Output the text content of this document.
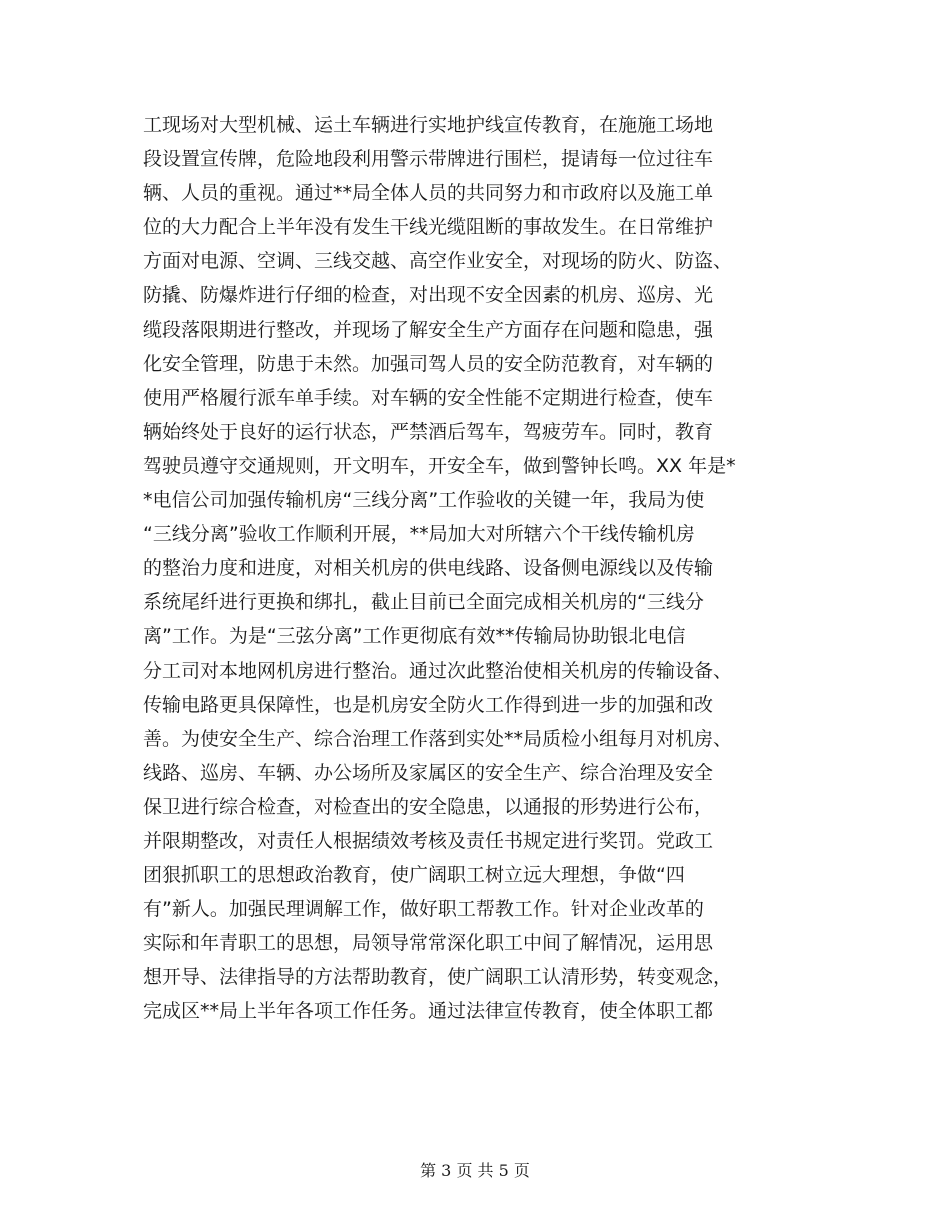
工现场对大型机械、运土车辆进行实地护线宣传教育，在施施工场地
段设置宣传牌，危险地段利用警示带牌进行围栏，提请每一位过往车
辆、人员的重视。通过**局全体人员的共同努力和市政府以及施工单
位的大力配合上半年没有发生干线光缆阻断的事故发生。在日常维护
方面对电源、空调、三线交越、高空作业安全，对现场的防火、防盗、
防撬、防爆炸进行仔细的检查，对出现不安全因素的机房、巡房、光
缆段落限期进行整改，并现场了解安全生产方面存在问题和隐患，强
化安全管理，防患于未然。加强司驾人员的安全防范教育，对车辆的
使用严格履行派车单手续。对车辆的安全性能不定期进行检查，使车
辆始终处于良好的运行状态，严禁酒后驾车，驾疲劳车。同时，教育
驾驶员遵守交通规则，开文明车，开安全车，做到警钟长鸣。XX 年是*
*电信公司加强传输机房“三线分离”工作验收的关键一年，我局为使
“三线分离”验收工作顺利开展，**局加大对所辖六个干线传输机房
的整治力度和进度，对相关机房的供电线路、设备侧电源线以及传输
系统尾纤进行更换和绑扎，截止目前已全面完成相关机房的“三线分
离”工作。为是“三弦分离”工作更彻底有效**传输局协助银北电信
分工司对本地网机房进行整治。通过次此整治使相关机房的传输设备、
传输电路更具保障性，也是机房安全防火工作得到进一步的加强和改
善。为使安全生产、综合治理工作落到实处**局质检小组每月对机房、
线路、巡房、车辆、办公场所及家属区的安全生产、综合治理及安全
保卫进行综合检查，对检查出的安全隐患，以通报的形势进行公布，
并限期整改，对责任人根据绩效考核及责任书规定进行奖罚。党政工
团狠抓职工的思想政治教育，使广阔职工树立远大理想，争做“四
有”新人。加强民理调解工作，做好职工帮教工作。针对企业改革的
实际和年青职工的思想，局领导常常深化职工中间了解情况，运用思
想开导、法律指导的方法帮助教育，使广阔职工认清形势，转变观念，
完成区**局上半年各项工作任务。通过法律宣传教育，使全体职工都
第 3 页 共 5 页
